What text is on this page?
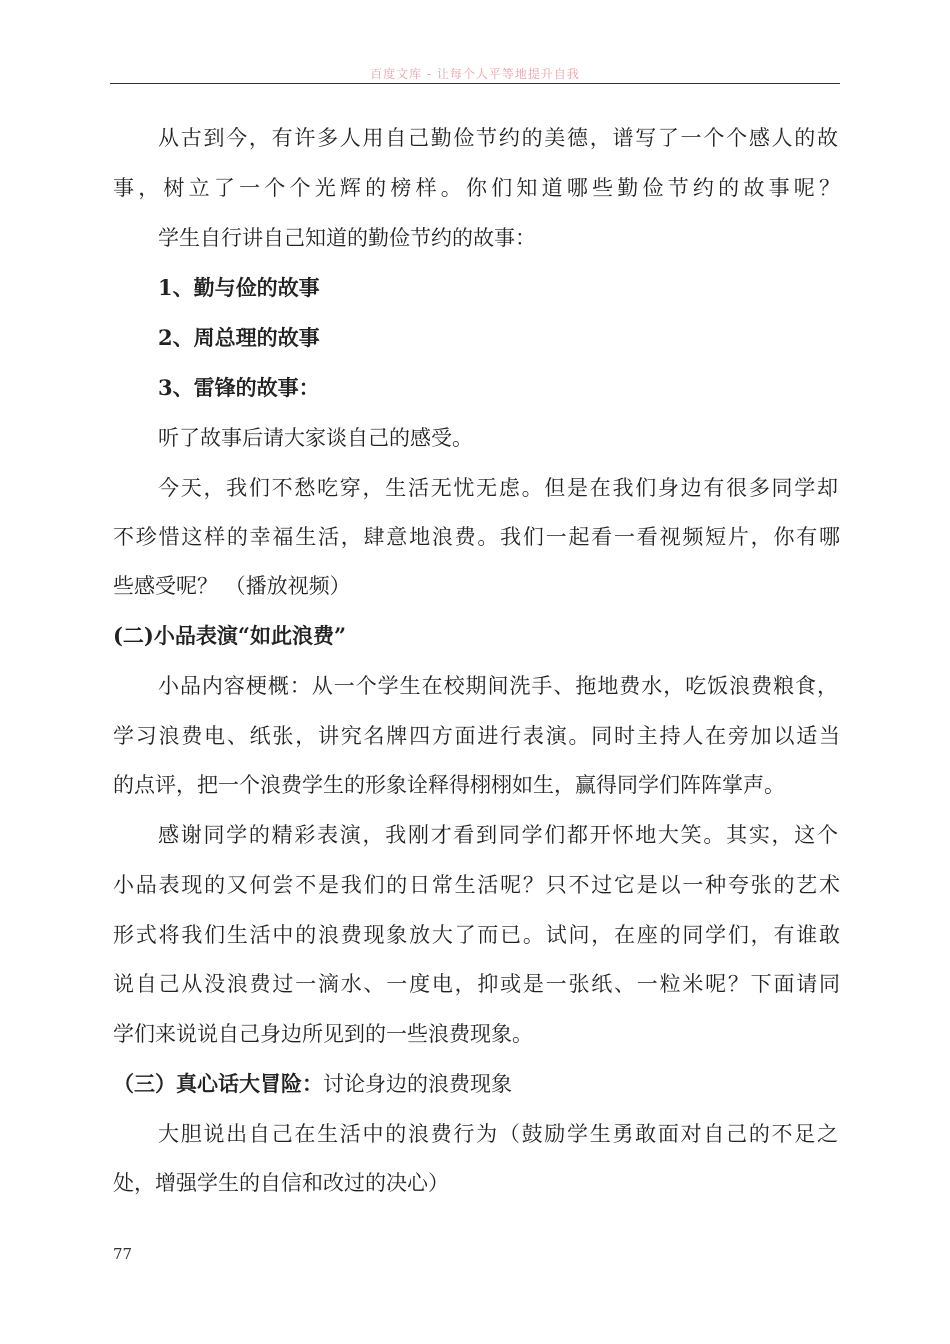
百度文库 - 让每个人平等地提升自我
从古到今，有许多人用自己勤俭节约的美德，谱写了一个个感人的故
事，树立了一个个光辉的榜样。你们知道哪些勤俭节约的故事呢？
学生自行讲自己知道的勤俭节约的故事：
1、勤与俭的故事
2、周总理的故事
3、雷锋的故事：
听了故事后请大家谈自己的感受。
今天，我们不愁吃穿，生活无忧无虑。但是在我们身边有很多同学却
不珍惜这样的幸福生活，肆意地浪费。我们一起看一看视频短片，你有哪
些感受呢？ （播放视频）
(二)小品表演“如此浪费”
小品内容梗概：从一个学生在校期间洗手、拖地费水，吃饭浪费粮食，
学习浪费电、纸张，讲究名牌四方面进行表演。同时主持人在旁加以适当
的点评，把一个浪费学生的形象诠释得栩栩如生，赢得同学们阵阵掌声。
感谢同学的精彩表演，我刚才看到同学们都开怀地大笑。其实，这个
小品表现的又何尝不是我们的日常生活呢？只不过它是以一种夸张的艺术
形式将我们生活中的浪费现象放大了而已。试问，在座的同学们，有谁敢
说自己从没浪费过一滴水、一度电，抑或是一张纸、一粒米呢？下面请同
学们来说说自己身边所见到的一些浪费现象。
（三）真心话大冒险：讨论身边的浪费现象
大胆说出自己在生活中的浪费行为（鼓励学生勇敢面对自己的不足之
处，增强学生的自信和改过的决心）
77
